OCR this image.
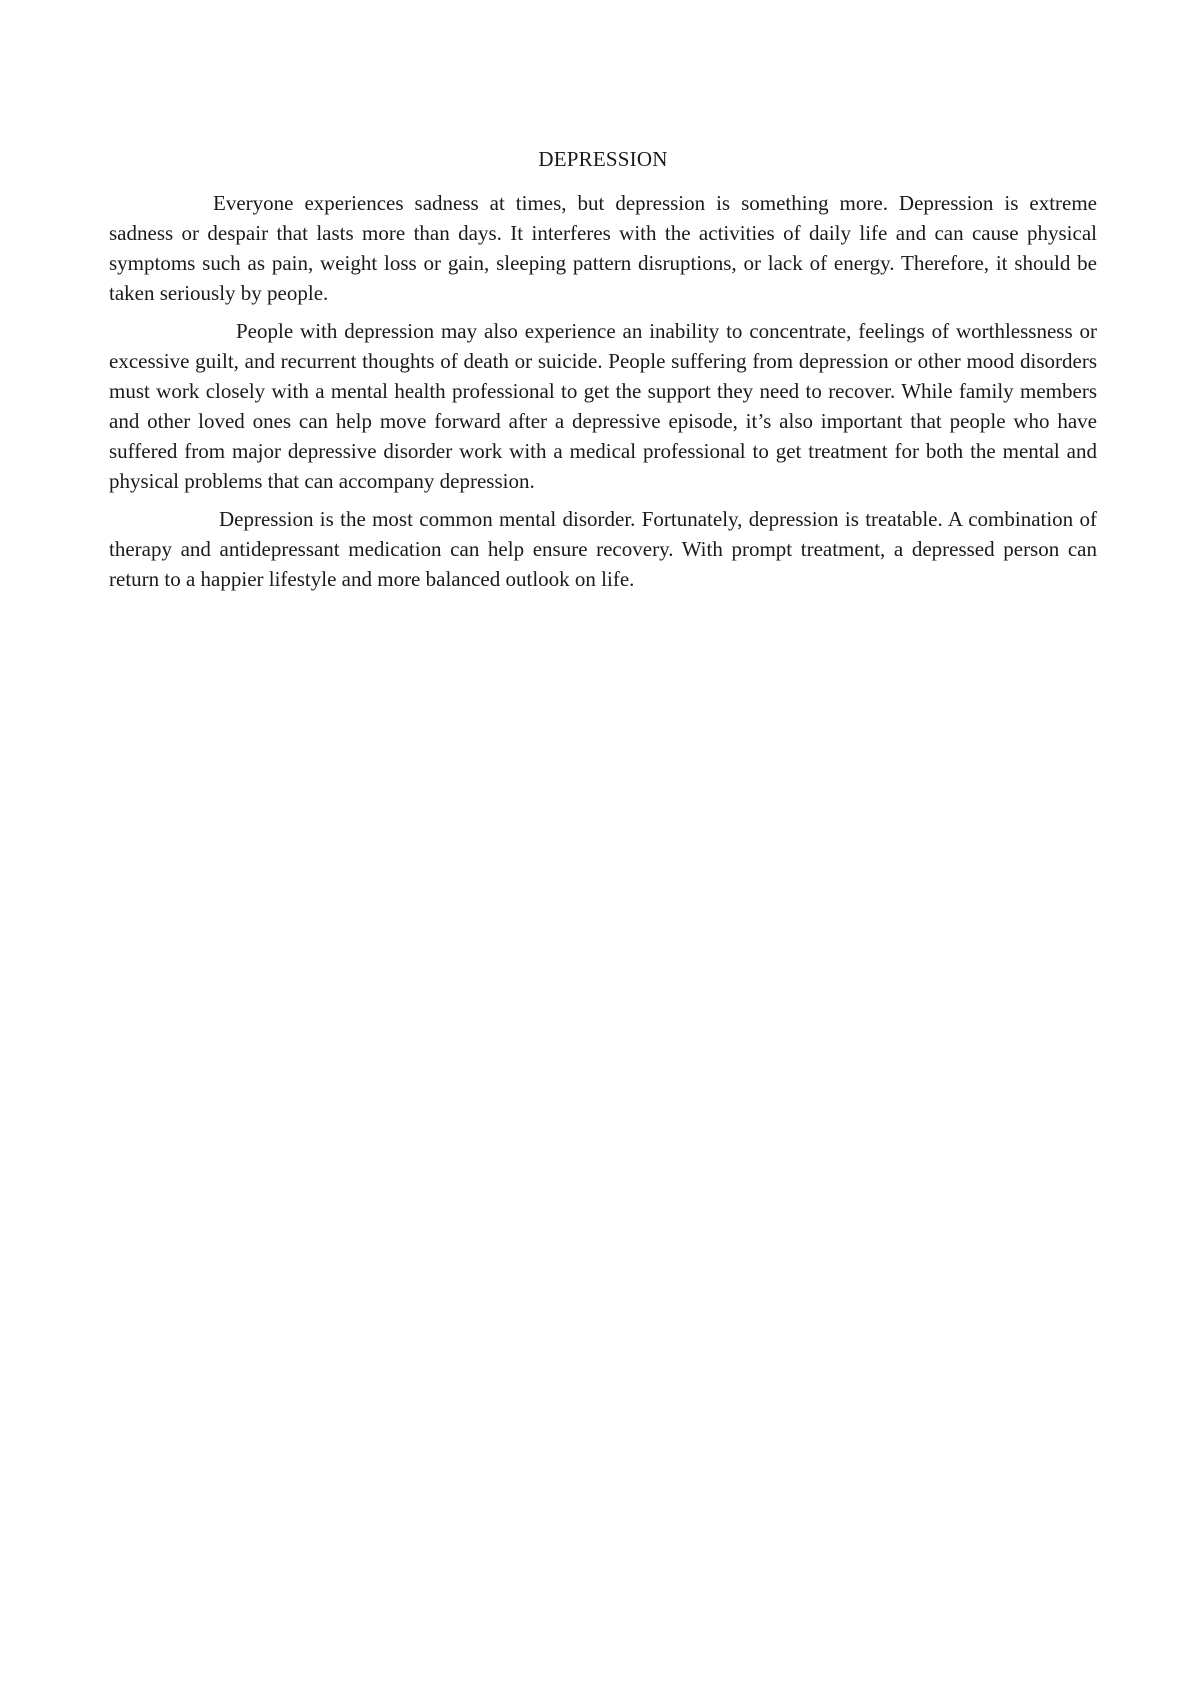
DEPRESSION

Everyone experiences sadness at times, but depression is something more. Depression is extreme sadness or despair that lasts more than days. It interferes with the activities of daily life and can cause physical symptoms such as pain, weight loss or gain, sleeping pattern disruptions, or lack of energy. Therefore, it should be taken seriously by people.

People with depression may also experience an inability to concentrate, feelings of worthlessness or excessive guilt, and recurrent thoughts of death or suicide. People suffering from depression or other mood disorders must work closely with a mental health professional to get the support they need to recover. While family members and other loved ones can help move forward after a depressive episode, it’s also important that people who have suffered from major depressive disorder work with a medical professional to get treatment for both the mental and physical problems that can accompany depression.

Depression is the most common mental disorder. Fortunately, depression is treatable. A combination of therapy and antidepressant medication can help ensure recovery. With prompt treatment, a depressed person can return to a happier lifestyle and more balanced outlook on life.
